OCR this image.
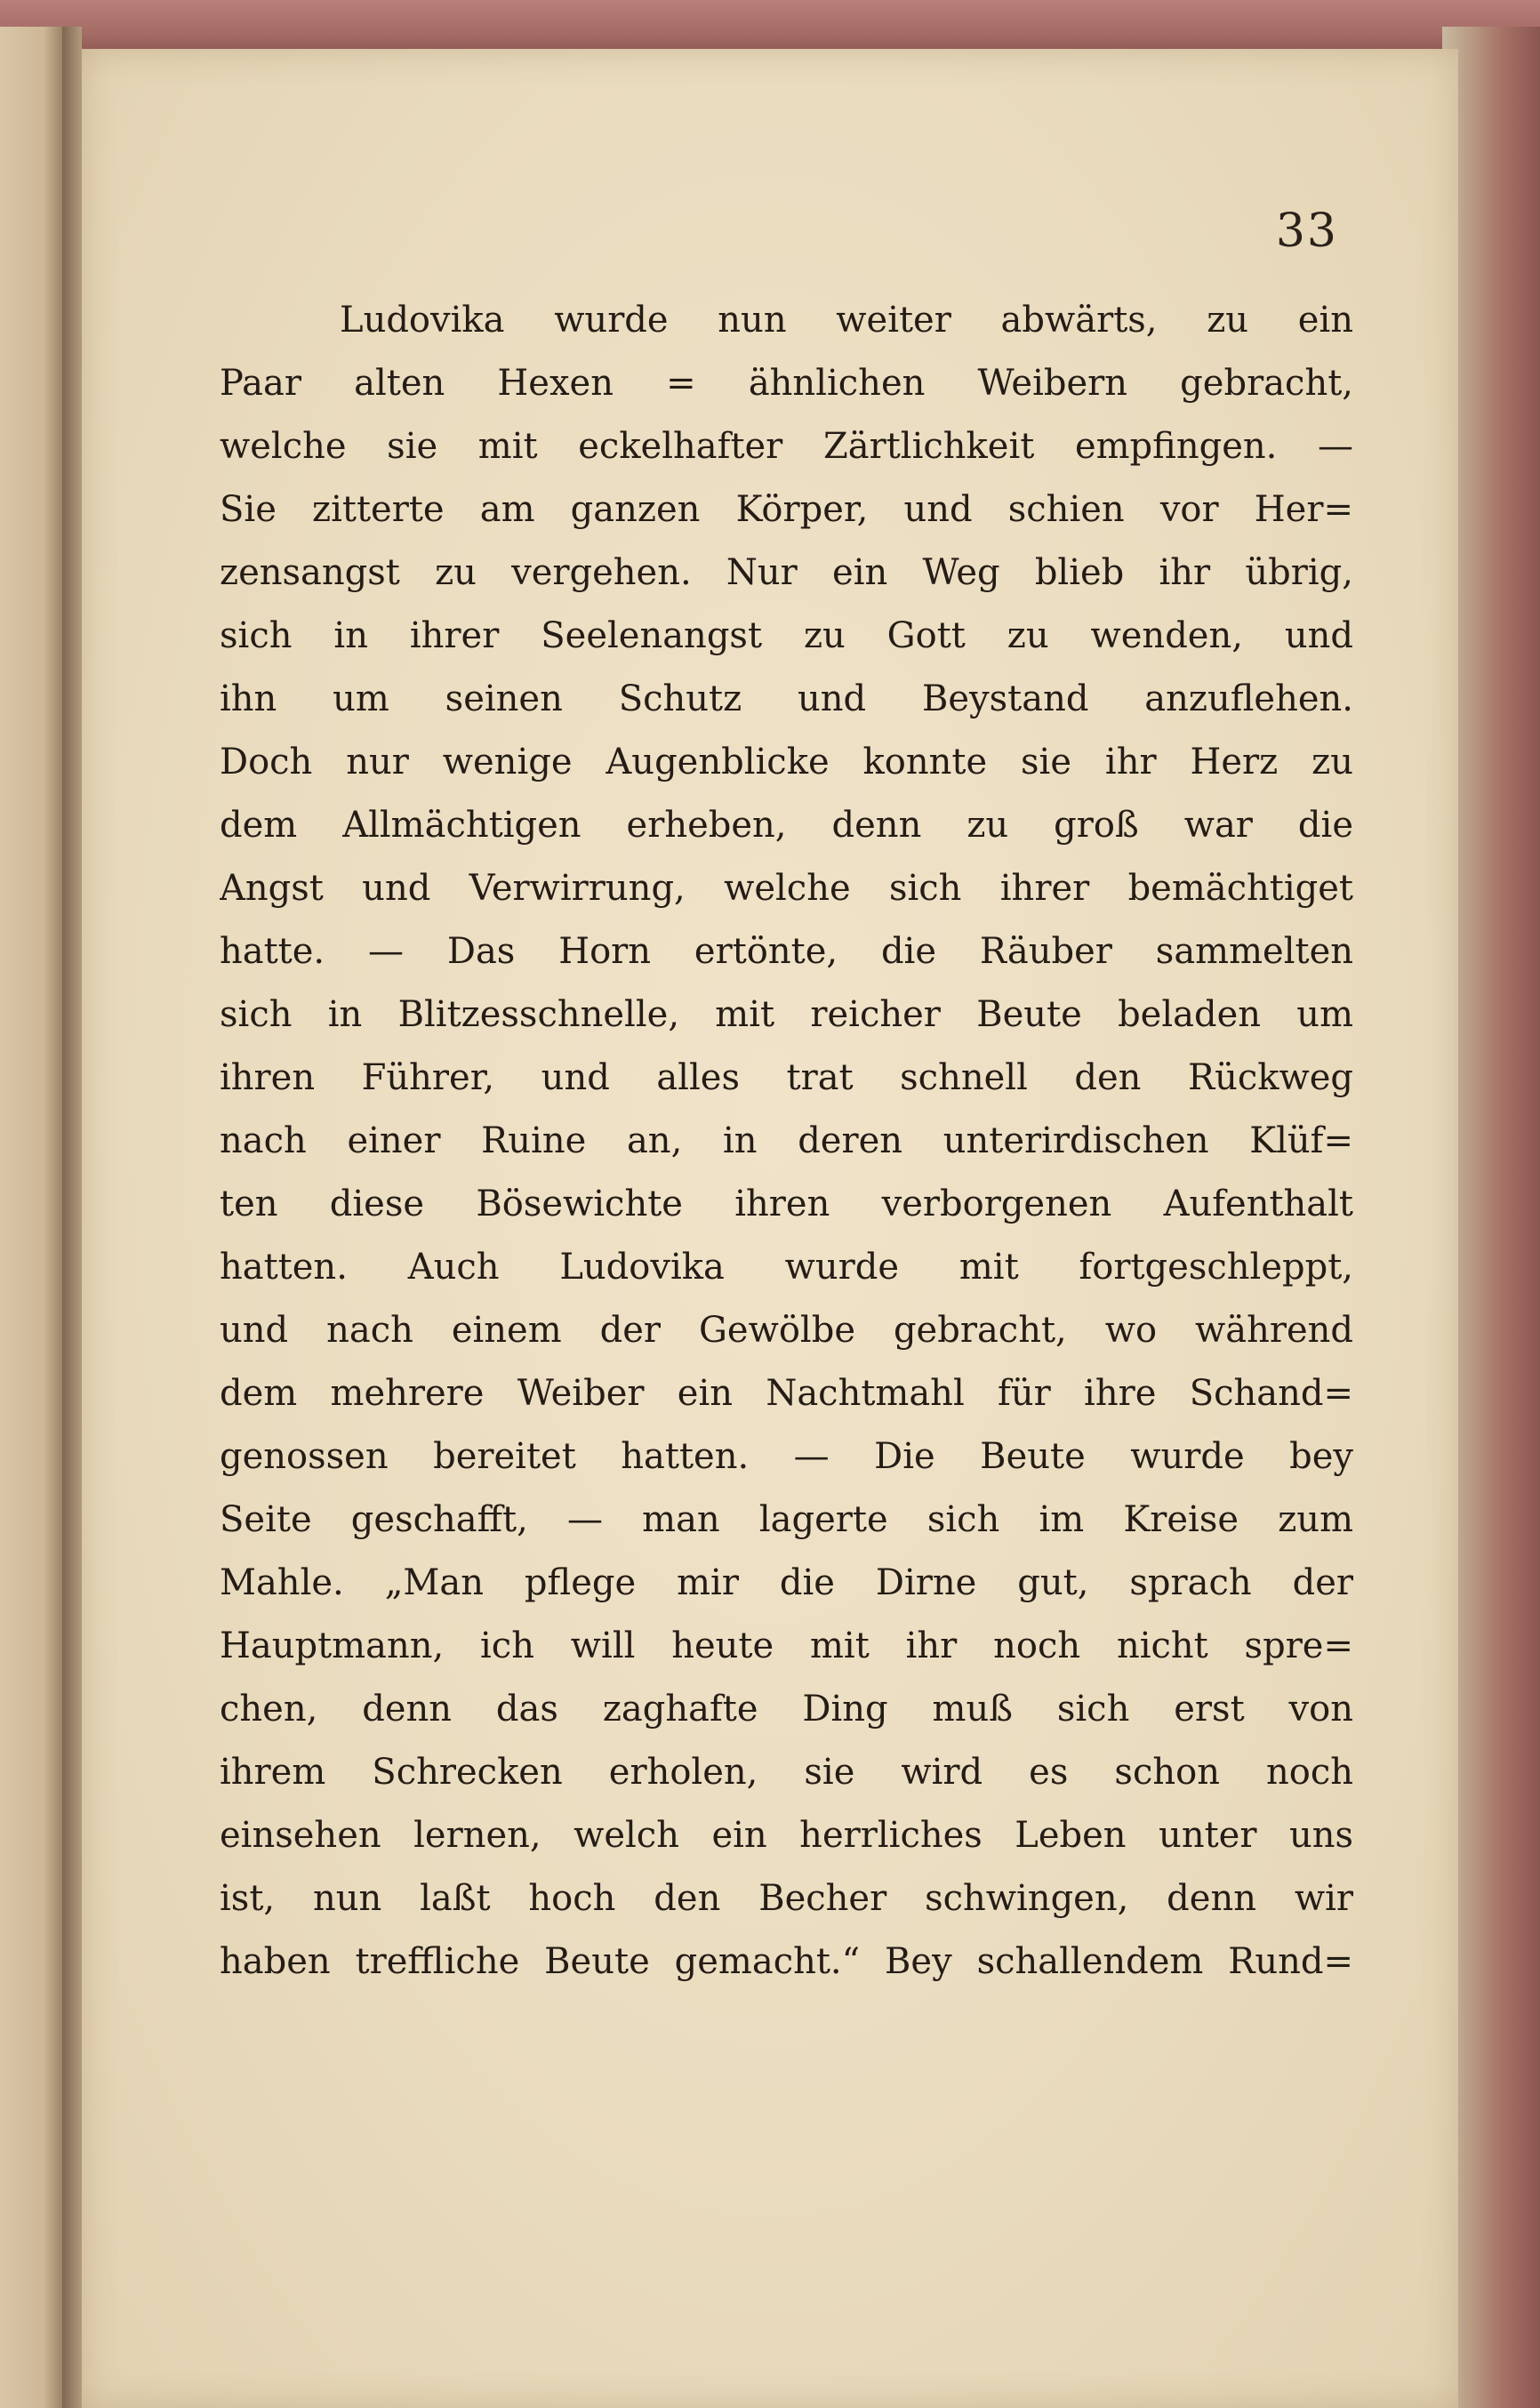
33
Ludovika wurde nun weiter abwärts, zu ein
Paar alten Hexen = ähnlichen Weibern gebracht,
welche sie mit eckelhafter Zärtlichkeit empfingen. —
Sie zitterte am ganzen Körper, und schien vor Her=
zensangst zu vergehen. Nur ein Weg blieb ihr übrig,
sich in ihrer Seelenangst zu Gott zu wenden, und
ihn um seinen Schutz und Beystand anzuflehen.
Doch nur wenige Augenblicke konnte sie ihr Herz zu
dem Allmächtigen erheben, denn zu groß war die
Angst und Verwirrung, welche sich ihrer bemächtiget
hatte. — Das Horn ertönte, die Räuber sammelten
sich in Blitzesschnelle, mit reicher Beute beladen um
ihren Führer, und alles trat schnell den Rückweg
nach einer Ruine an, in deren unterirdischen Klüf=
ten diese Bösewichte ihren verborgenen Aufenthalt
hatten. Auch Ludovika wurde mit fortgeschleppt,
und nach einem der Gewölbe gebracht, wo während
dem mehrere Weiber ein Nachtmahl für ihre Schand=
genossen bereitet hatten. — Die Beute wurde bey
Seite geschafft, — man lagerte sich im Kreise zum
Mahle. „Man pflege mir die Dirne gut, sprach der
Hauptmann, ich will heute mit ihr noch nicht spre=
chen, denn das zaghafte Ding muß sich erst von
ihrem Schrecken erholen, sie wird es schon noch
einsehen lernen, welch ein herrliches Leben unter uns
ist, nun laßt hoch den Becher schwingen, denn wir
haben treffliche Beute gemacht.“ Bey schallendem Rund=
